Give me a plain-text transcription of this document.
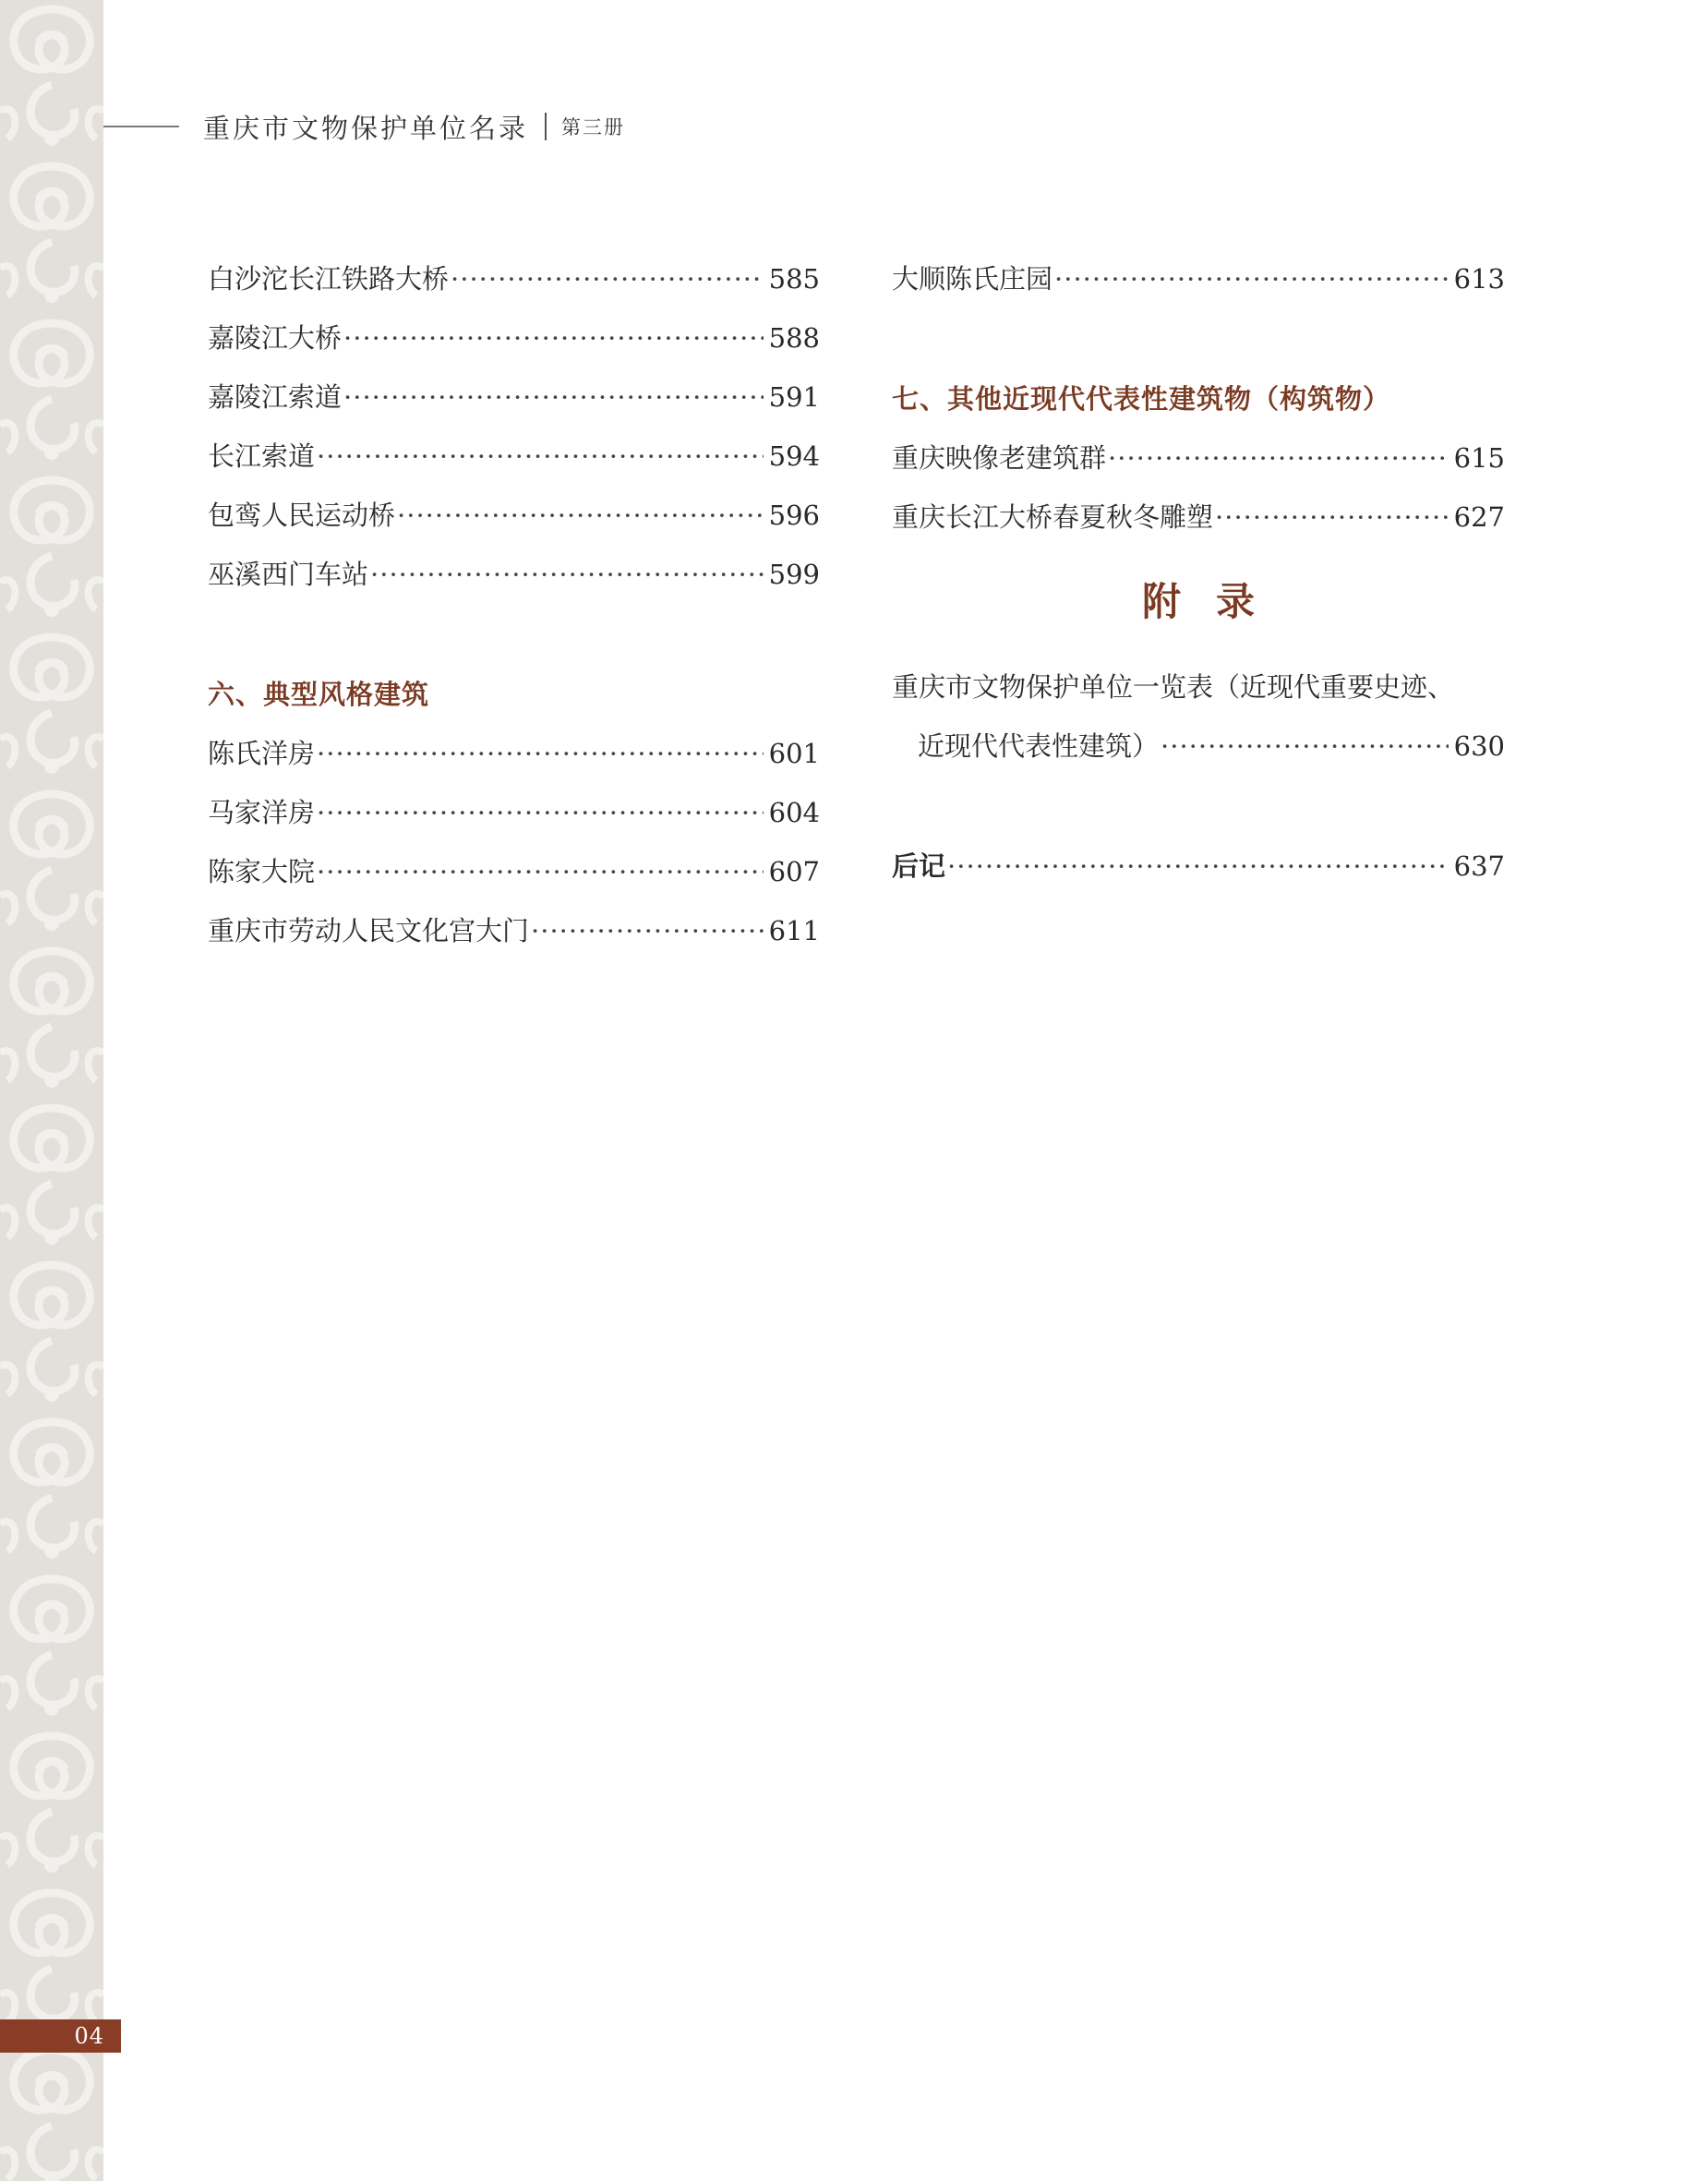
04
重庆市文物保护单位名录 第三册
白沙沱长江铁路大桥 ·····	585
嘉陵江大桥 ·····	588
嘉陵江索道 ·····	591
长江索道 ·····	594
包鸾人民运动桥 ·····	596
巫溪西门车站 ·····	599
六、典型风格建筑
陈氏洋房 ·····	601
马家洋房 ·····	604
陈家大院 ·····	607
重庆市劳动人民文化宫大门 ·····	611
大顺陈氏庄园 ·····	613
七、其他近现代代表性建筑物（构筑物）
重庆映像老建筑群 ·····	615
重庆长江大桥春夏秋冬雕塑 ·····	627
附录
重庆市文物保护单位一览表（近现代重要史迹、
近现代代表性建筑） ·····	630
后记 ·····	637
